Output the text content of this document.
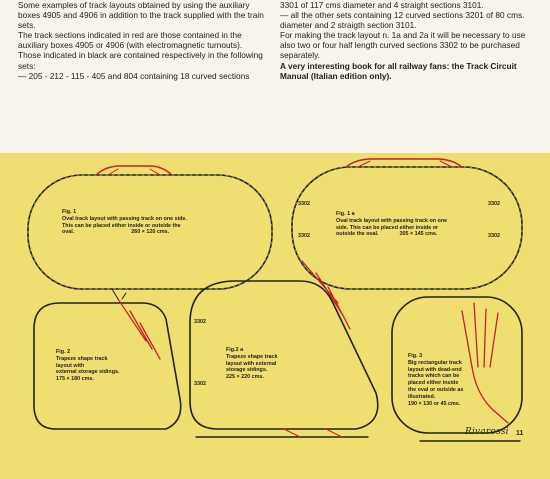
Some examples of track layouts obtained by using the auxiliary boxes 4905 and 4906 in addition to the track supplied with the train sets.

The track sections indicated in red are those contained in the auxiliary boxes 4905 or 4906 (with electromagnetic turnouts).

Those indicated in black are contained respectively in the following sets:

— 205 - 212 - 115 - 405 and 804 containing 18 curved sections

3301 of 117 cms diameter and 4 straight sections 3101.

— all the other sets containing 12 curved sections 3201 of 80 cms. diameter and 2 straigth section 3101.

For making the track layout n. 1a and 2a it will be necessary to use also two or four half length curved sections 3302 to be purchased separately.

A very interesting book for all railway fans: the Track Circuit Manual (Italian edition only).

Fig. 1
Oval track layout with passing track on one side.
This can be placed either inside or outside the
oval.                                      260 × 120 cms.
Fig. 1 a
Oval track layout with passing track on one
side. This can be placed either inside or
outside the oval.              305 × 145 cms.
3302
3302
3302
3302
Fig. 2
Trapeze shape track
layout with
external storage sidings.
175 × 180 cms.
Fig.2 a
Trapeze shape track
layout with external
storage sidings.
225 × 220 cms.
3302
3302
Fig. 3
Big rectangular track
layout with dead-end
tracks which can be
placed either inside
the oval or outside as
illustrated.
190 × 130 or 45 cms.
Rivarossi 11
